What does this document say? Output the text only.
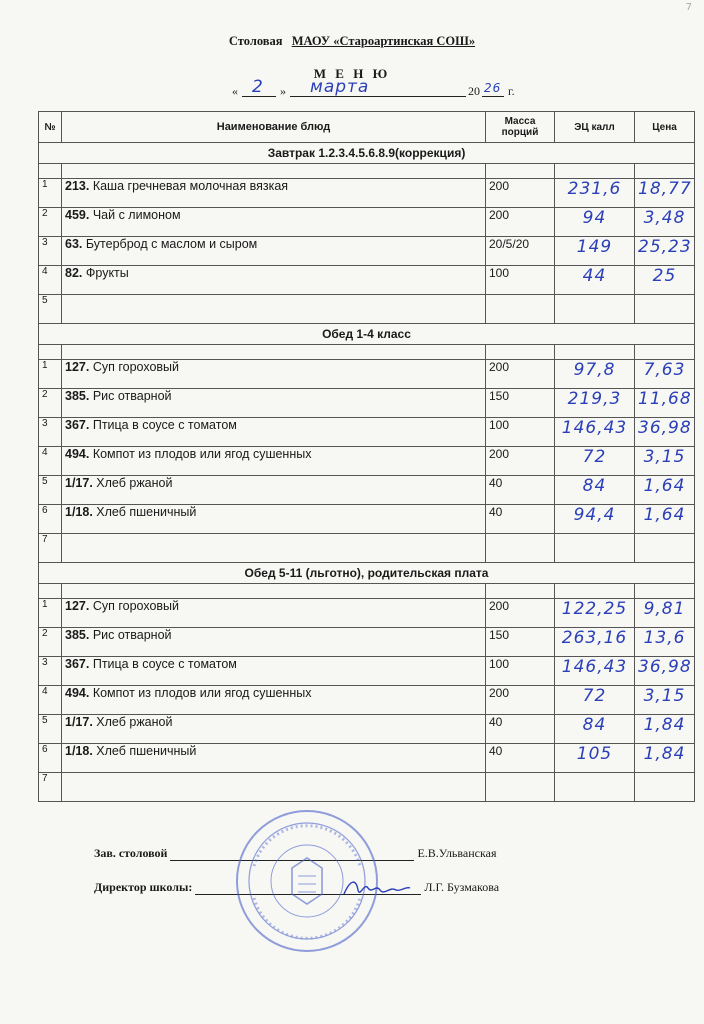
7
Столовая МАОУ «Староартинская СОШ»
М Е Н Ю
« 2 » марта	20 26 г.
№	Наименование блюд	Масса порций	ЭЦ калл	Цена
Завтрак 1.2.3.4.5.6.8.9(коррекция)				

1	213. Каша гречневая молочная вязкая	200	231,6	18,77
2	459. Чай с лимоном	200	94	3,48
3	63. Бутерброд с маслом и сыром	20/5/20	149	25,23
4	82. Фрукты	100	44	25
5				
Обед 1-4 класс				

1	127. Суп гороховый	200	97,8	7,63
2	385. Рис отварной	150	219,3	11,68
3	367. Птица в соусе с томатом	100	146,43	36,98
4	494. Компот из плодов или ягод сушенных	200	72	3,15
5	1/17. Хлеб ржаной	40	84	1,64
6	1/18. Хлеб пшеничный	40	94,4	1,64
7				
Обед 5-11 (льготно), родительская плата				

1	127. Суп гороховый	200	122,25	9,81
2	385. Рис отварной	150	263,16	13,6
3	367. Птица в соусе с томатом	100	146,43	36,98
4	494. Компот из плодов или ягод сушенных	200	72	3,15
5	1/17. Хлеб ржаной	40	84	1,84
6	1/18. Хлеб пшеничный	40	105	1,84
7				
Зав. столовой	Е.В.Ульванская
Директор школы:	Л.Г. Бузмакова
